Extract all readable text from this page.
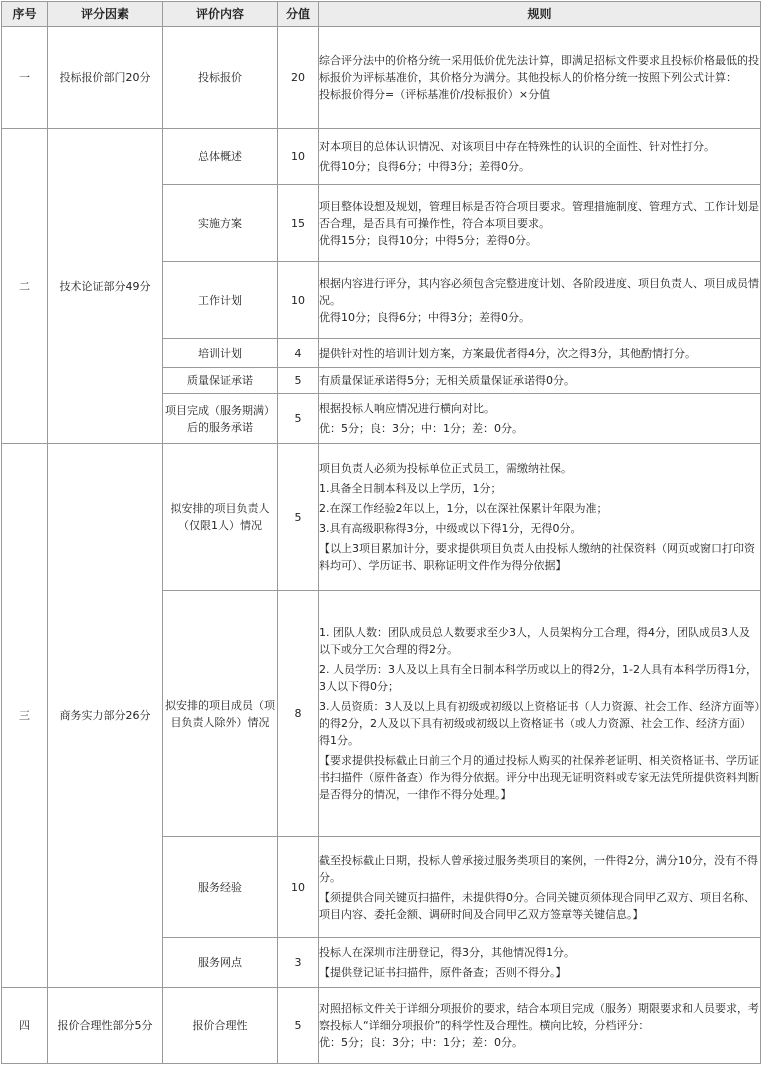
序号	评分因素	评价内容	分值	规则
一	投标报价部门20分	投标报价	20	综合评分法中的价格分统一采用低价优先法计算，即满足招标文件要求且投标价格最低的投标报价为评标基准价，其价格分为满分。其他投标人的价格分统一按照下列公式计算：

投标报价得分=（评标基准价/投标报价）×分值

二	技术论证部分49分	总体概述	10	对本项目的总体认识情况、对该项目中存在特殊性的认识的全面性、针对性打分。

优得10分；良得6分；中得3分；差得0分。

		实施方案	15	项目整体设想及规划，管理目标是否符合项目要求。管理措施制度、管理方式、工作计划是否合理，是否具有可操作性，符合本项目要求。

优得15分；良得10分；中得5分；差得0分。

		工作计划	10	根据内容进行评分，其内容必须包含完整进度计划、各阶段进度、项目负责人、项目成员情况。

优得10分；良得6分；中得3分；差得0分。

		培训计划	4	提供针对性的培训计划方案，方案最优者得4分，次之得3分，其他酌情打分。

		质量保证承诺	5	有质量保证承诺得5分；无相关质量保证承诺得0分。

		项目完成（服务期满）后的服务承诺	5	根据投标人响应情况进行横向对比。

优：5分；良：3分；中：1分；差：0分。

三	商务实力部分26分	拟安排的项目负责人（仅限1人）情况	5	项目负责人必须为投标单位正式员工，需缴纳社保。

1.具备全日制本科及以上学历，1分；

2.在深工作经验2年以上，1分，以在深社保累计年限为准；

3.具有高级职称得3分，中级或以下得1分，无得0分。

【以上3项目累加计分，要求提供项目负责人由投标人缴纳的社保资料（网页或窗口打印资料均可）、学历证书、职称证明文件作为得分依据】

		拟安排的项目成员（项目负责人除外）情况	8	1. 团队人数：团队成员总人数要求至少3人，人员架构分工合理，得4分，团队成员3人及以下或分工欠合理的得2分。

2. 人员学历：3人及以上具有全日制本科学历或以上的得2分，1-2人具有本科学历得1分，3人以下得0分；

3.人员资质：3人及以上具有初级或初级以上资格证书（人力资源、社会工作、经济方面等）的得2分，2人及以下具有初级或初级以上资格证书（或人力资源、社会工作、经济方面）得1分。

【要求提供投标截止日前三个月的通过投标人购买的社保养老证明、相关资格证书、学历证书扫描件（原件备查）作为得分依据。评分中出现无证明资料或专家无法凭所提供资料判断是否得分的情况，一律作不得分处理。】

		服务经验	10	截至投标截止日期，投标人曾承接过服务类项目的案例，一件得2分，满分10分，没有不得分。

【须提供合同关键页扫描件，未提供得0分。合同关键页须体现合同甲乙双方、项目名称、项目内容、委托金额、调研时间及合同甲乙双方签章等关键信息。】

		服务网点	3	投标人在深圳市注册登记，得3分，其他情况得1分。

【提供登记证书扫描件，原件备查；否则不得分。】

四	报价合理性部分5分	报价合理性	5	对照招标文件关于详细分项报价的要求，结合本项目完成（服务）期限要求和人员要求，考察投标人“详细分项报价”的科学性及合理性。横向比较，分档评分：

优：5分；良：3分；中：1分；差：0分。
